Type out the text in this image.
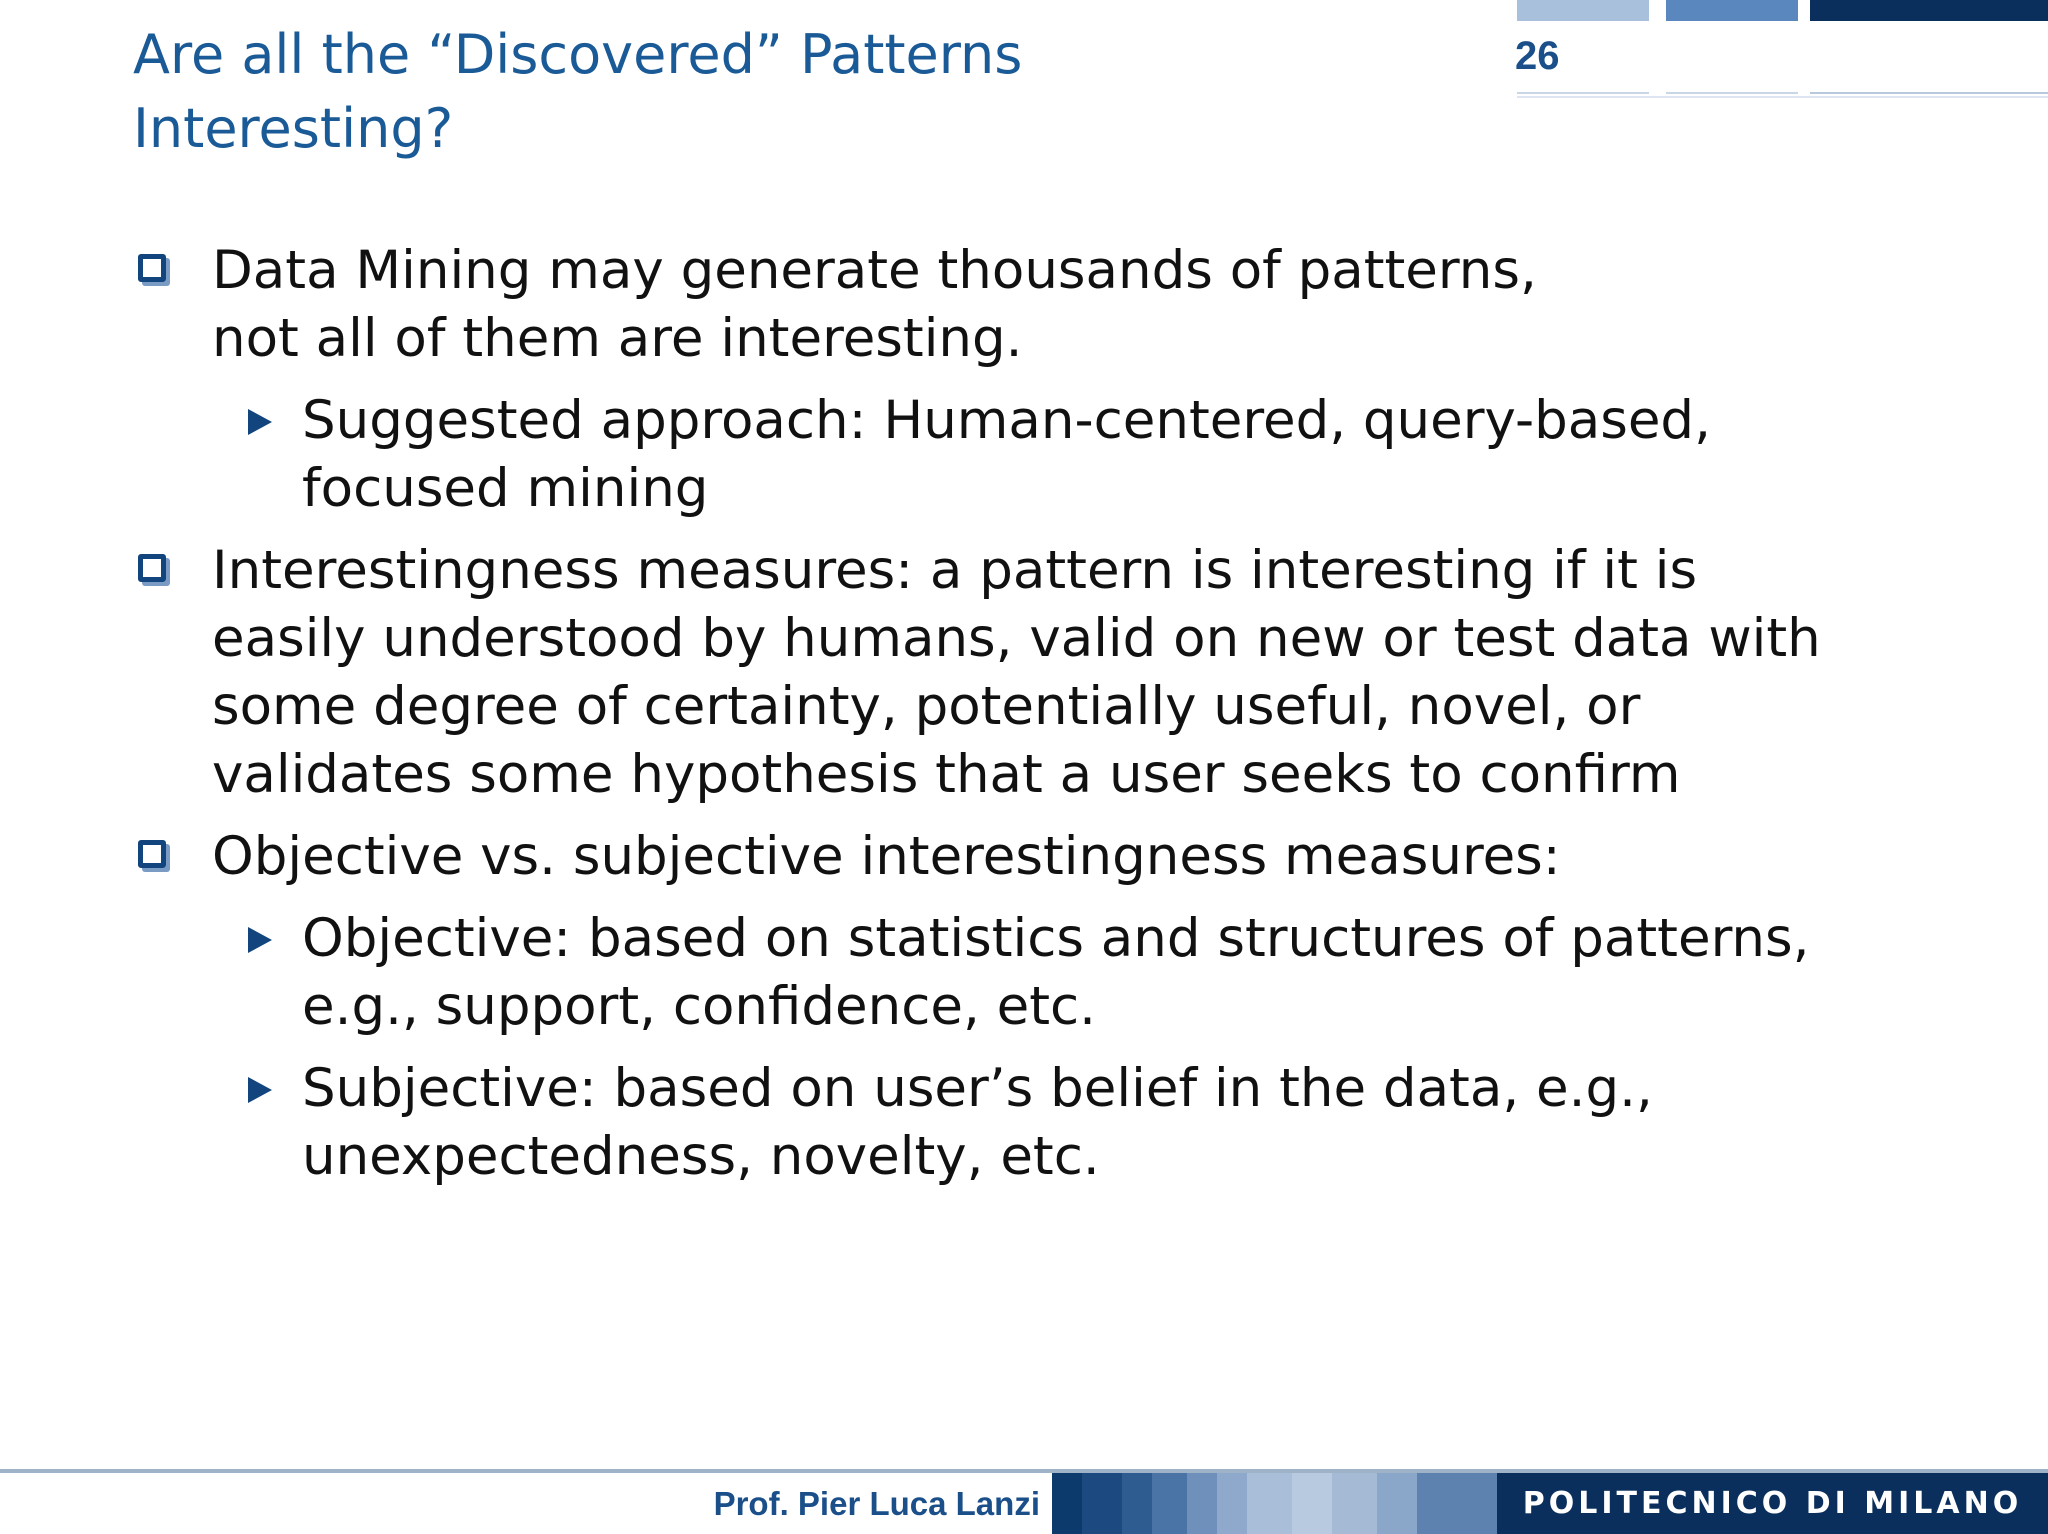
26
Are all the “Discovered” Patterns
Interesting?
Data Mining may generate thousands of patterns,
not all of them are interesting.
Suggested approach: Human-centered, query-based,
focused mining
Interestingness measures: a pattern is interesting if it is
easily understood by humans, valid on new or test data with
some degree of certainty, potentially useful, novel, or
validates some hypothesis that a user seeks to confirm
Objective vs. subjective interestingness measures:
Objective: based on statistics and structures of patterns,
e.g., support, confidence, etc.
Subjective: based on user’s belief in the data, e.g.,
unexpectedness, novelty, etc.
Prof. Pier Luca Lanzi	POLITECNICO DI MILANO
